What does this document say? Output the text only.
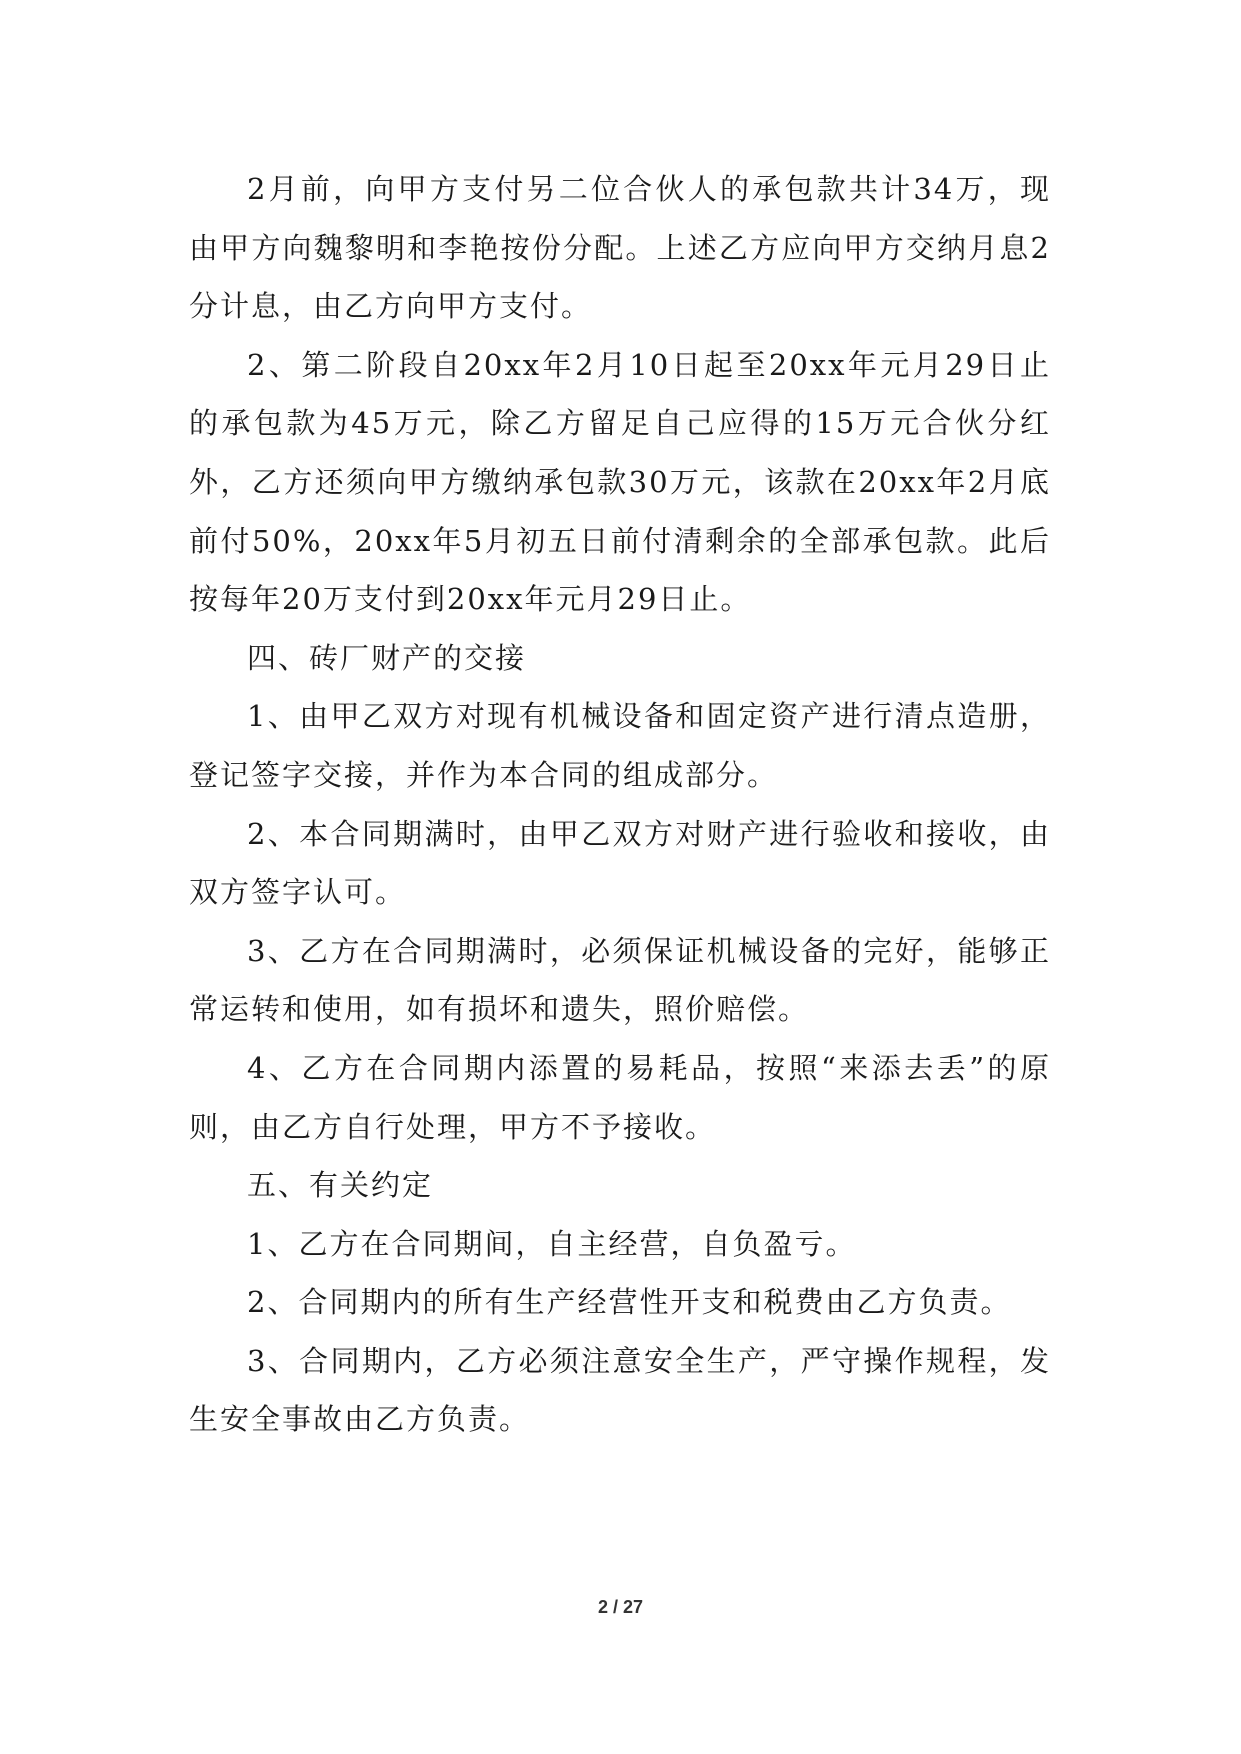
2月前，向甲方支付另二位合伙人的承包款共计34万，现由甲方向魏黎明和李艳按份分配。上述乙方应向甲方交纳月息2分计息，由乙方向甲方支付。

2、第二阶段自20xx年2月10日起至20xx年元月29日止的承包款为45万元，除乙方留足自己应得的15万元合伙分红外，乙方还须向甲方缴纳承包款30万元，该款在20xx年2月底前付50%，20xx年5月初五日前付清剩余的全部承包款。此后按每年20万支付到20xx年元月29日止。

四、砖厂财产的交接

1、由甲乙双方对现有机械设备和固定资产进行清点造册，登记签字交接，并作为本合同的组成部分。

2、本合同期满时，由甲乙双方对财产进行验收和接收，由双方签字认可。

3、乙方在合同期满时，必须保证机械设备的完好，能够正常运转和使用，如有损坏和遗失，照价赔偿。

4、乙方在合同期内添置的易耗品，按照“来添去丢”的原则，由乙方自行处理，甲方不予接收。

五、有关约定

1、乙方在合同期间，自主经营，自负盈亏。

2、合同期内的所有生产经营性开支和税费由乙方负责。

3、合同期内，乙方必须注意安全生产，严守操作规程，发生安全事故由乙方负责。

2 / 27
